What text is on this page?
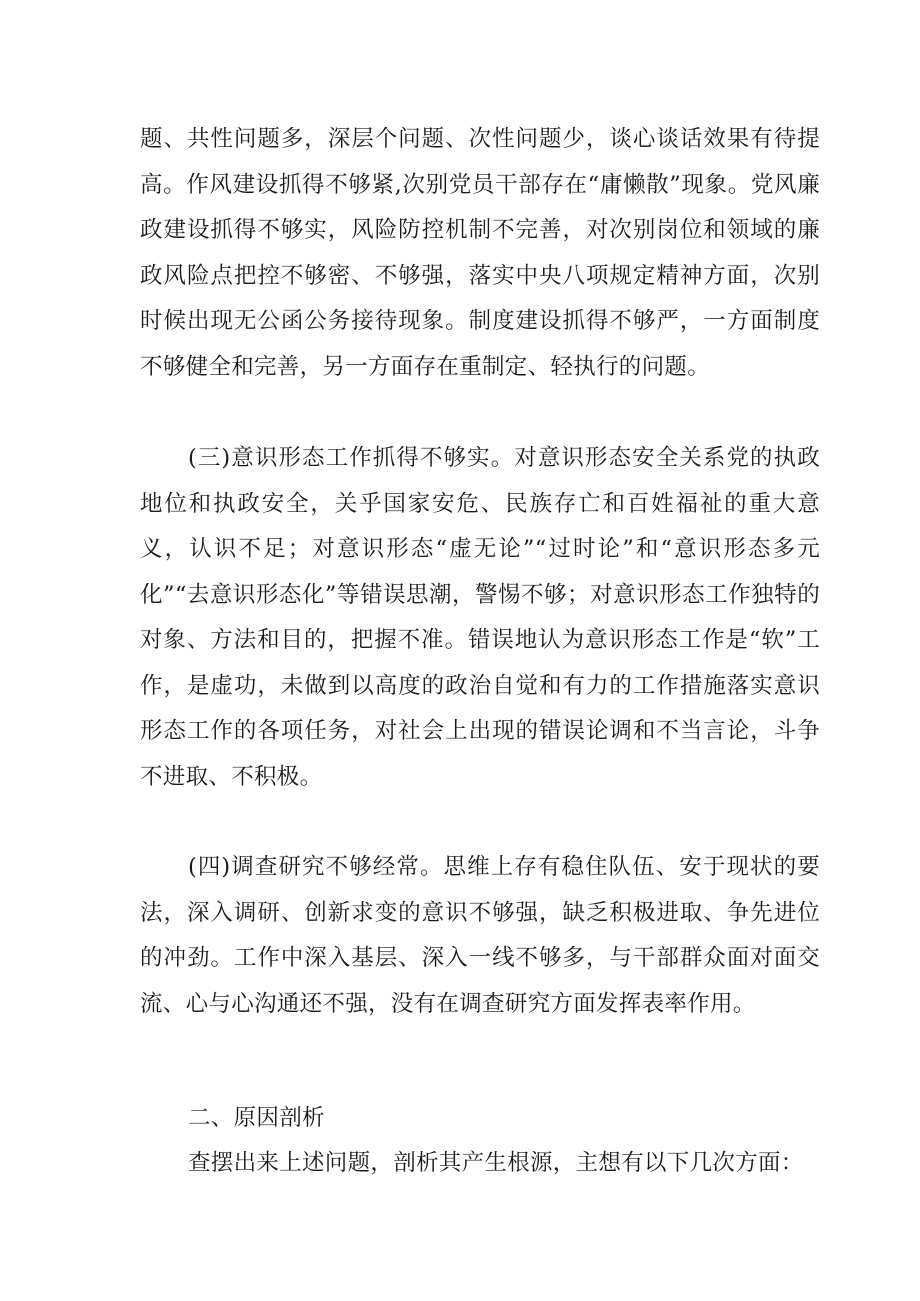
题、共性问题多，深层个问题、次性问题少，谈心谈话效果有待提高。作风建设抓得不够紧,次别党员干部存在“庸懒散”现象。党风廉政建设抓得不够实，风险防控机制不完善，对次别岗位和领域的廉政风险点把控不够密、不够强，落实中央八项规定精神方面，次别时候出现无公函公务接待现象。制度建设抓得不够严，一方面制度不够健全和完善，另一方面存在重制定、轻执行的问题。

(三)意识形态工作抓得不够实。对意识形态安全关系党的执政地位和执政安全，关乎国家安危、民族存亡和百姓福祉的重大意义，认识不足；对意识形态“虚无论”“过时论”和“意识形态多元化”“去意识形态化”等错误思潮，警惕不够；对意识形态工作独特的对象、方法和目的，把握不准。错误地认为意识形态工作是“软”工作，是虚功，未做到以高度的政治自觉和有力的工作措施落实意识形态工作的各项任务，对社会上出现的错误论调和不当言论，斗争不进取、不积极。

(四)调查研究不够经常。思维上存有稳住队伍、安于现状的要法，深入调研、创新求变的意识不够强，缺乏积极进取、争先进位的冲劲。工作中深入基层、深入一线不够多，与干部群众面对面交流、心与心沟通还不强，没有在调查研究方面发挥表率作用。

二、原因剖析

查摆出来上述问题，剖析其产生根源，主想有以下几次方面：
